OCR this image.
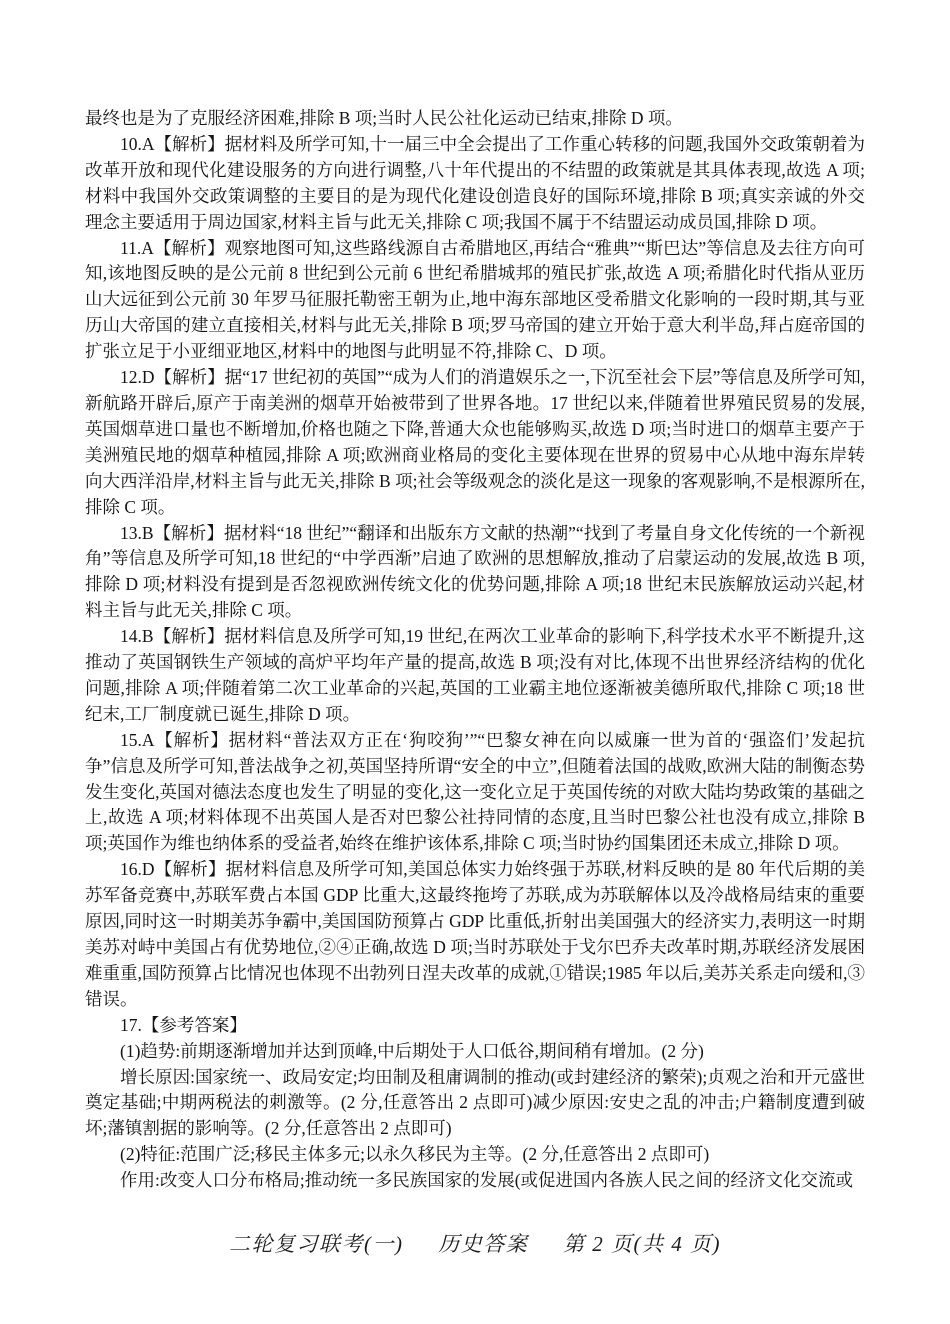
最终也是为了克服经济困难,排除 B 项;当时人民公社化运动已结束,排除 D 项。

10.A【解析】据材料及所学可知,十一届三中全会提出了工作重心转移的问题,我国外交政策朝着为改革开放和现代化建设服务的方向进行调整,八十年代提出的不结盟的政策就是其具体表现,故选 A 项;材料中我国外交政策调整的主要目的是为现代化建设创造良好的国际环境,排除 B 项;真实亲诚的外交理念主要适用于周边国家,材料主旨与此无关,排除 C 项;我国不属于不结盟运动成员国,排除 D 项。

11.A【解析】观察地图可知,这些路线源自古希腊地区,再结合“雅典”“斯巴达”等信息及去往方向可知,该地图反映的是公元前 8 世纪到公元前 6 世纪希腊城邦的殖民扩张,故选 A 项;希腊化时代指从亚历山大远征到公元前 30 年罗马征服托勒密王朝为止,地中海东部地区受希腊文化影响的一段时期,其与亚历山大帝国的建立直接相关,材料与此无关,排除 B 项;罗马帝国的建立开始于意大利半岛,拜占庭帝国的扩张立足于小亚细亚地区,材料中的地图与此明显不符,排除 C、D 项。

12.D【解析】据“17 世纪初的英国”“成为人们的消遣娱乐之一,下沉至社会下层”等信息及所学可知,新航路开辟后,原产于南美洲的烟草开始被带到了世界各地。17 世纪以来,伴随着世界殖民贸易的发展,英国烟草进口量也不断增加,价格也随之下降,普通大众也能够购买,故选 D 项;当时进口的烟草主要产于美洲殖民地的烟草种植园,排除 A 项;欧洲商业格局的变化主要体现在世界的贸易中心从地中海东岸转向大西洋沿岸,材料主旨与此无关,排除 B 项;社会等级观念的淡化是这一现象的客观影响,不是根源所在,排除 C 项。

13.B【解析】据材料“18 世纪”“翻译和出版东方文献的热潮”“找到了考量自身文化传统的一个新视角”等信息及所学可知,18 世纪的“中学西渐”启迪了欧洲的思想解放,推动了启蒙运动的发展,故选 B 项,排除 D 项;材料没有提到是否忽视欧洲传统文化的优势问题,排除 A 项;18 世纪末民族解放运动兴起,材料主旨与此无关,排除 C 项。

14.B【解析】据材料信息及所学可知,19 世纪,在两次工业革命的影响下,科学技术水平不断提升,这推动了英国钢铁生产领域的高炉平均年产量的提高,故选 B 项;没有对比,体现不出世界经济结构的优化问题,排除 A 项;伴随着第二次工业革命的兴起,英国的工业霸主地位逐渐被美德所取代,排除 C 项;18 世纪末,工厂制度就已诞生,排除 D 项。

15.A【解析】据材料“普法双方正在‘狗咬狗’”“巴黎女神在向以威廉一世为首的‘强盗们’发起抗争”信息及所学可知,普法战争之初,英国坚持所谓“安全的中立”,但随着法国的战败,欧洲大陆的制衡态势发生变化,英国对德法态度也发生了明显的变化,这一变化立足于英国传统的对欧大陆均势政策的基础之上,故选 A 项;材料体现不出英国人是否对巴黎公社持同情的态度,且当时巴黎公社也没有成立,排除 B 项;英国作为维也纳体系的受益者,始终在维护该体系,排除 C 项;当时协约国集团还未成立,排除 D 项。

16.D【解析】据材料信息及所学可知,美国总体实力始终强于苏联,材料反映的是 80 年代后期的美苏军备竞赛中,苏联军费占本国 GDP 比重大,这最终拖垮了苏联,成为苏联解体以及冷战格局结束的重要原因,同时这一时期美苏争霸中,美国国防预算占 GDP 比重低,折射出美国强大的经济实力,表明这一时期美苏对峙中美国占有优势地位,②④正确,故选 D 项;当时苏联处于戈尔巴乔夫改革时期,苏联经济发展困难重重,国防预算占比情况也体现不出勃列日涅夫改革的成就,①错误;1985 年以后,美苏关系走向缓和,③错误。

17.【参考答案】

(1)趋势:前期逐渐增加并达到顶峰,中后期处于人口低谷,期间稍有增加。(2 分)

增长原因:国家统一、政局安定;均田制及租庸调制的推动(或封建经济的繁荣);贞观之治和开元盛世奠定基础;中期两税法的刺激等。(2 分,任意答出 2 点即可)减少原因:安史之乱的冲击;户籍制度遭到破坏;藩镇割据的影响等。(2 分,任意答出 2 点即可)

(2)特征:范围广泛;移民主体多元;以永久移民为主等。(2 分,任意答出 2 点即可)

作用:改变人口分布格局;推动统一多民族国家的发展(或促进国内各族人民之间的经济文化交流或

二轮复习联考(一) 历史答案 第 2 页(共 4 页)
